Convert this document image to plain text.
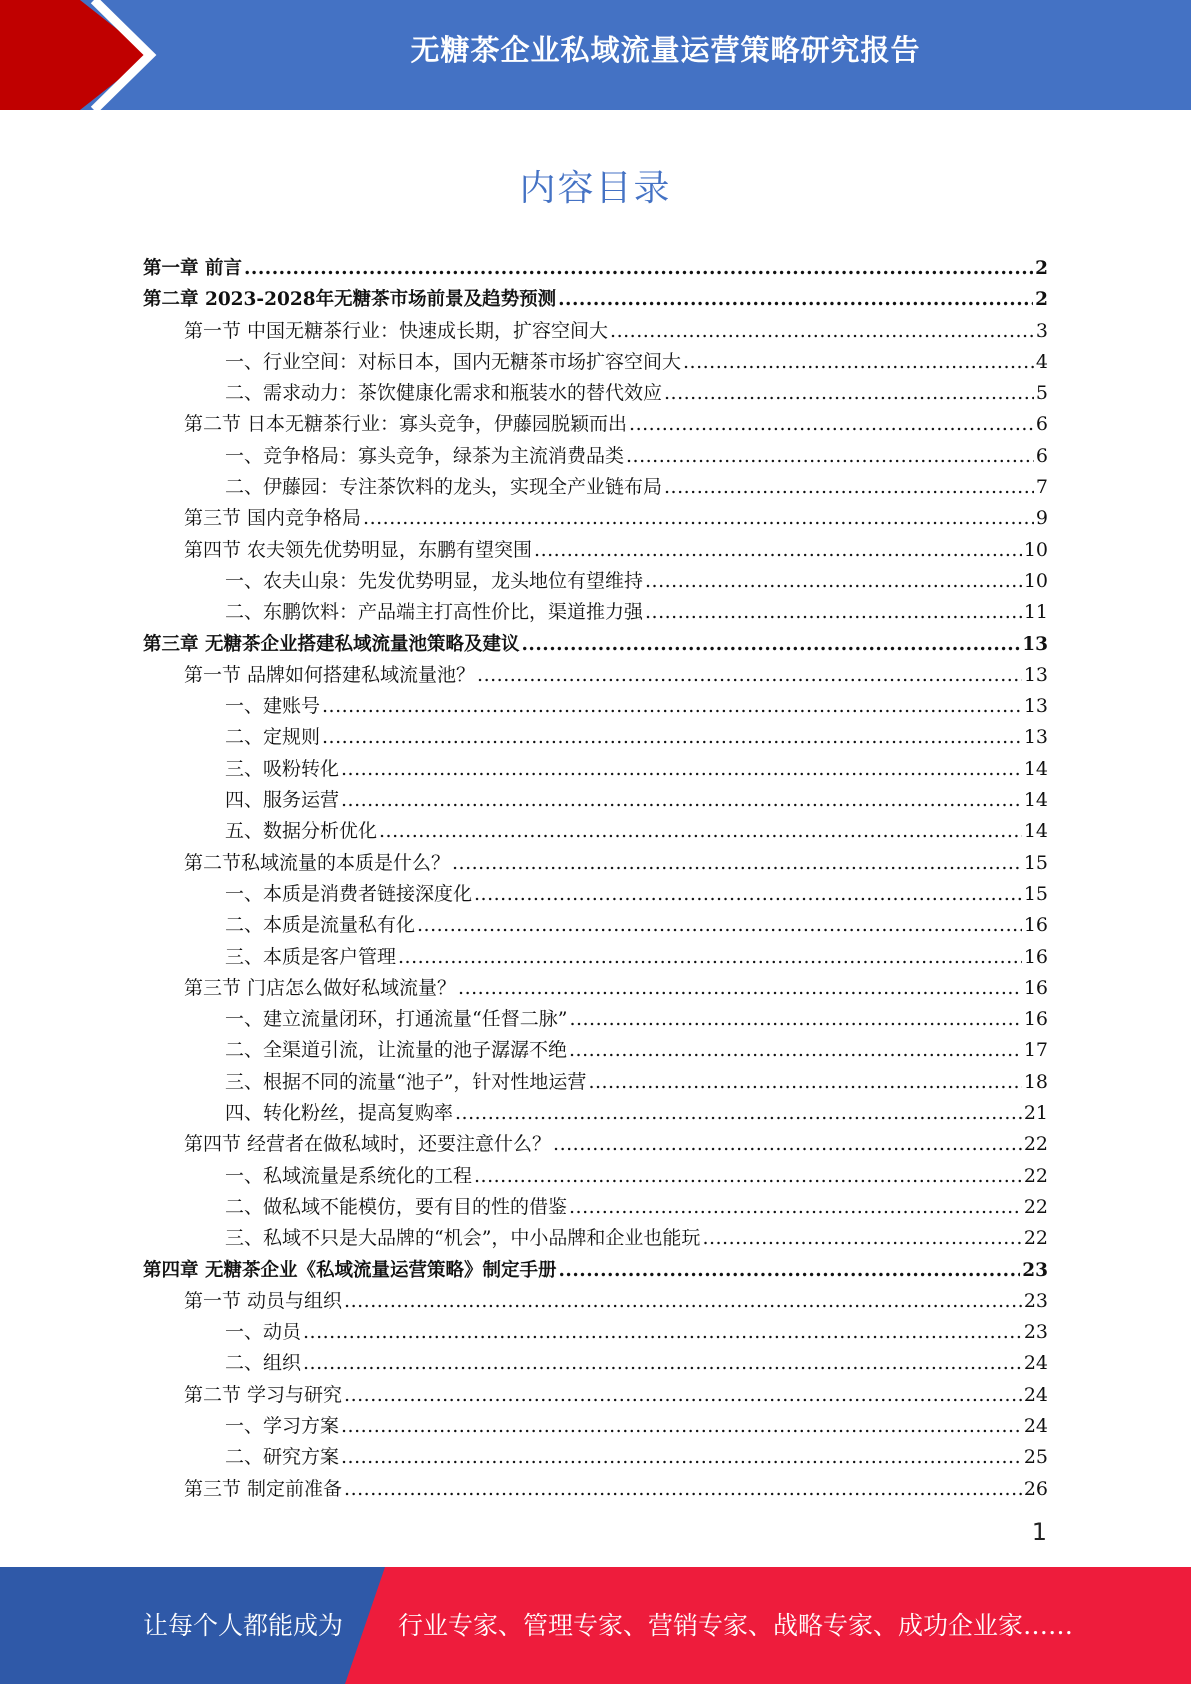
无糖茶企业私域流量运营策略研究报告
内容目录
第一章 前言 .....	2
第二章 2023-2028年无糖茶市场前景及趋势预测 .....	2
第一节 中国无糖茶行业：快速成长期，扩容空间大 .....	3
一、行业空间：对标日本，国内无糖茶市场扩容空间大 .....	4
二、需求动力：茶饮健康化需求和瓶装水的替代效应 .....	5
第二节 日本无糖茶行业：寡头竞争，伊藤园脱颖而出 .....	6
一、竞争格局：寡头竞争，绿茶为主流消费品类 .....	6
二、伊藤园：专注茶饮料的龙头，实现全产业链布局 .....	7
第三节 国内竞争格局 .....	9
第四节 农夫领先优势明显，东鹏有望突围 .....	10
一、农夫山泉：先发优势明显，龙头地位有望维持 .....	10
二、东鹏饮料：产品端主打高性价比，渠道推力强 .....	11
第三章 无糖茶企业搭建私域流量池策略及建议 .....	13
第一节 品牌如何搭建私域流量池？ .....	13
一、建账号 .....	13
二、定规则 .....	13
三、吸粉转化 .....	14
四、服务运营 .....	14
五、数据分析优化 .....	14
第二节私域流量的本质是什么？ .....	15
一、本质是消费者链接深度化 .....	15
二、本质是流量私有化 .....	16
三、本质是客户管理 .....	16
第三节 门店怎么做好私域流量？ .....	16
一、建立流量闭环，打通流量“任督二脉” .....	16
二、全渠道引流，让流量的池子潺潺不绝 .....	17
三、根据不同的流量“池子”，针对性地运营 .....	18
四、转化粉丝，提高复购率 .....	21
第四节 经营者在做私域时，还要注意什么？ .....	22
一、私域流量是系统化的工程 .....	22
二、做私域不能模仿，要有目的性的借鉴 .....	22
三、私域不只是大品牌的“机会”，中小品牌和企业也能玩 .....	22
第四章 无糖茶企业《私域流量运营策略》制定手册 .....	23
第一节 动员与组织 .....	23
一、动员 .....	23
二、组织 .....	24
第二节 学习与研究 .....	24
一、学习方案 .....	24
二、研究方案 .....	25
第三节 制定前准备 .....	26
1
让每个人都能成为 行业专家、管理专家、营销专家、战略专家、成功企业家……
